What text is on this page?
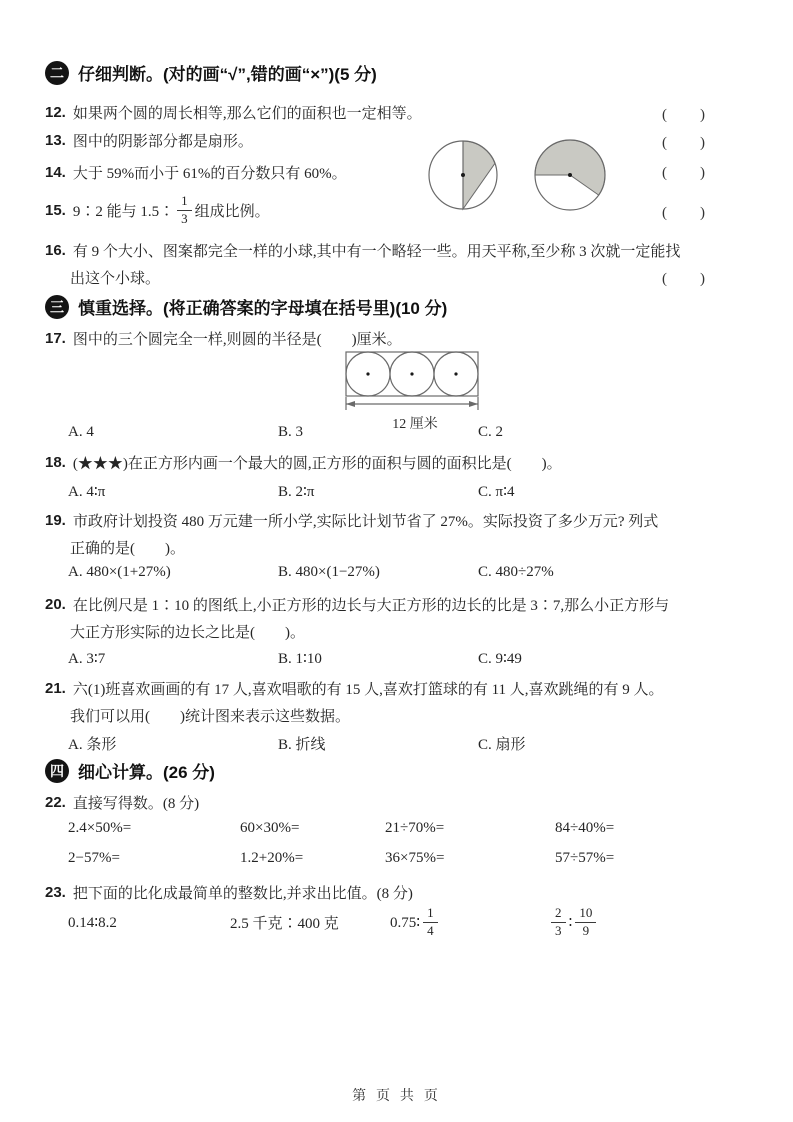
二 仔细判断。(对的画“√”,错的画“×”)(5 分)
12. 如果两个圆的周长相等,那么它们的面积也一定相等。	(　　)
13. 图中的阴影部分都是扇形。	(　　)
14. 大于 59%而小于 61%的百分数只有 60%。	(　　)
15. 9∶2 能与 1.5∶ $\frac{1}{3}$ 组成比例。	(　　)
16. 有 9 个大小、图案都完全一样的小球,其中有一个略轻一些。用天平称,至少称 3 次就一定能找
出这个小球。	(　　)
三 慎重选择。(将正确答案的字母填在括号里)(10 分)
17. 图中的三个圆完全一样,则圆的半径是(　　)厘米。
12 厘米
A. 4	B. 3	C. 2
18. (★★★)在正方形内画一个最大的圆,正方形的面积与圆的面积比是(　　)。
A. 4∶π	B. 2∶π	C. π∶4
19. 市政府计划投资 480 万元建一所小学,实际比计划节省了 27%。实际投资了多少万元? 列式
正确的是(　　)。
A. 480×(1+27%)	B. 480×(1−27%)	C. 480÷27%
20. 在比例尺是 1∶10 的图纸上,小正方形的边长与大正方形的边长的比是 3∶7,那么小正方形与
大正方形实际的边长之比是(　　)。
A. 3∶7	B. 1∶10	C. 9∶49
21. 六(1)班喜欢画画的有 17 人,喜欢唱歌的有 15 人,喜欢打篮球的有 11 人,喜欢跳绳的有 9 人。
我们可以用(　　)统计图来表示这些数据。
A. 条形	B. 折线	C. 扇形
四 细心计算。(26 分)
22. 直接写得数。(8 分)
2.4×50%=	60×30%=	21÷70%=	84÷40%=
2−57%=	1.2+20%=	36×75%=	57÷57%=
23. 把下面的比化成最简单的整数比,并求出比值。(8 分)
0.14∶8.2	2.5 千克∶400 克	0.75∶ $\frac{1}{4}$	$\frac{2}{3}$ ∶ $\frac{10}{9}$
第 页 共 页
